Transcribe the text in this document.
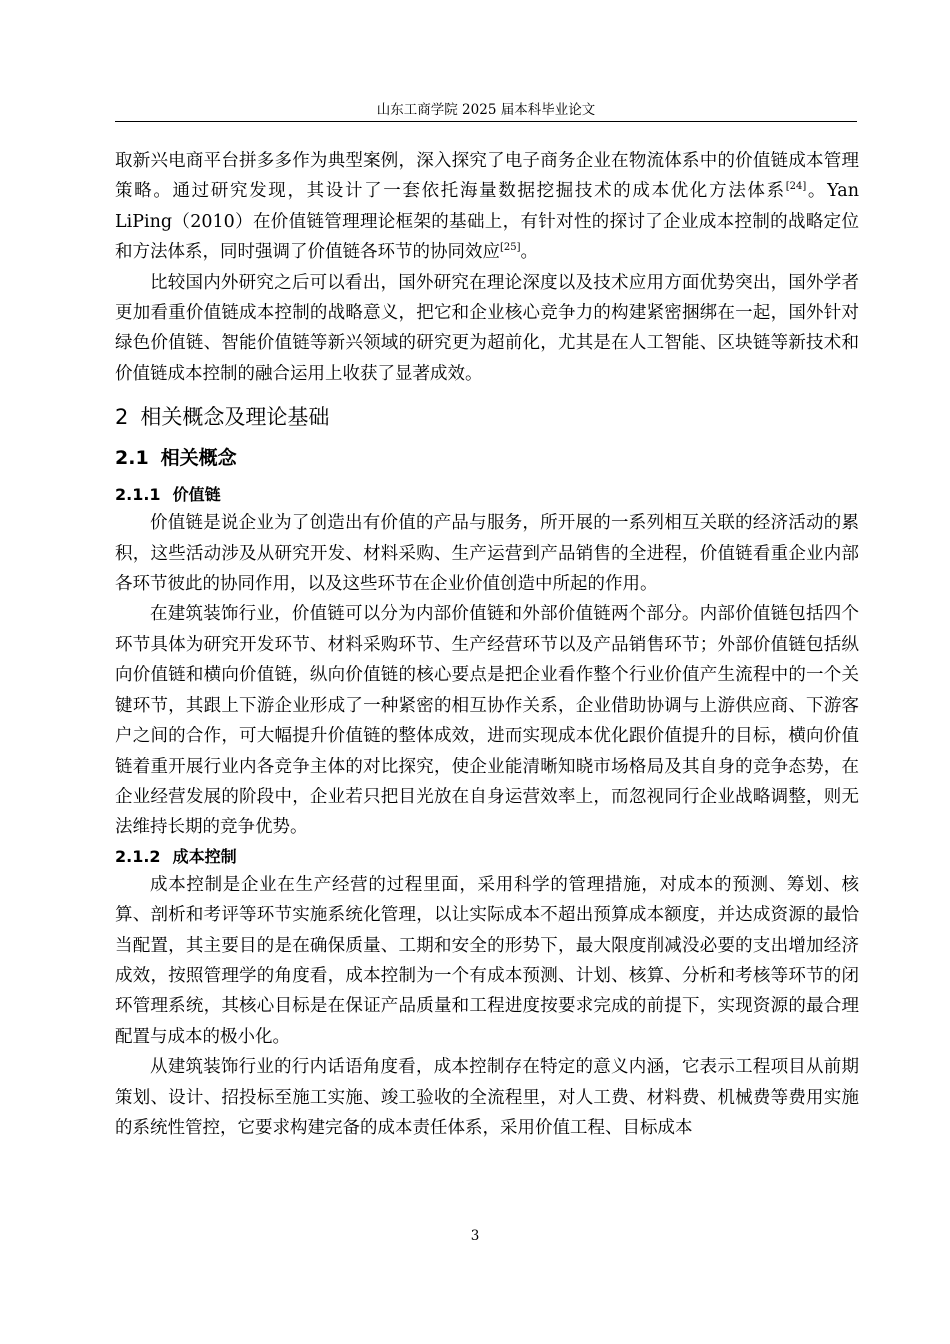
山东工商学院 2025 届本科毕业论文

取新兴电商平台拼多多作为典型案例，深入探究了电子商务企业在物流体系中的价值链成本管理策略。通过研究发现，其设计了一套依托海量数据挖掘技术的成本优化方法体系[24]。Yan LiPing（2010）在价值链管理理论框架的基础上，有针对性的探讨了企业成本控制的战略定位和方法体系，同时强调了价值链各环节的协同效应[25]。

比较国内外研究之后可以看出，国外研究在理论深度以及技术应用方面优势突出，国外学者更加看重价值链成本控制的战略意义，把它和企业核心竞争力的构建紧密捆绑在一起，国外针对绿色价值链、智能价值链等新兴领域的研究更为超前化，尤其是在人工智能、区块链等新技术和价值链成本控制的融合运用上收获了显著成效。

2 相关概念及理论基础
2.1 相关概念
2.1.1 价值链

价值链是说企业为了创造出有价值的产品与服务，所开展的一系列相互关联的经济活动的累积，这些活动涉及从研究开发、材料采购、生产运营到产品销售的全进程，价值链看重企业内部各环节彼此的协同作用，以及这些环节在企业价值创造中所起的作用。

在建筑装饰行业，价值链可以分为内部价值链和外部价值链两个部分。内部价值链包括四个环节具体为研究开发环节、材料采购环节、生产经营环节以及产品销售环节；外部价值链包括纵向价值链和横向价值链，纵向价值链的核心要点是把企业看作整个行业价值产生流程中的一个关键环节，其跟上下游企业形成了一种紧密的相互协作关系，企业借助协调与上游供应商、下游客户之间的合作，可大幅提升价值链的整体成效，进而实现成本优化跟价值提升的目标，横向价值链着重开展行业内各竞争主体的对比探究，使企业能清晰知晓市场格局及其自身的竞争态势，在企业经营发展的阶段中，企业若只把目光放在自身运营效率上，而忽视同行企业战略调整，则无法维持长期的竞争优势。

2.1.2 成本控制

成本控制是企业在生产经营的过程里面，采用科学的管理措施，对成本的预测、筹划、核算、剖析和考评等环节实施系统化管理，以让实际成本不超出预算成本额度，并达成资源的最恰当配置，其主要目的是在确保质量、工期和安全的形势下，最大限度削减没必要的支出增加经济成效，按照管理学的角度看，成本控制为一个有成本预测、计划、核算、分析和考核等环节的闭环管理系统，其核心目标是在保证产品质量和工程进度按要求完成的前提下，实现资源的最合理配置与成本的极小化。

从建筑装饰行业的行内话语角度看，成本控制存在特定的意义内涵，它表示工程项目从前期策划、设计、招投标至施工实施、竣工验收的全流程里，对人工费、材料费、机械费等费用实施的系统性管控，它要求构建完备的成本责任体系，采用价值工程、目标成本

3
